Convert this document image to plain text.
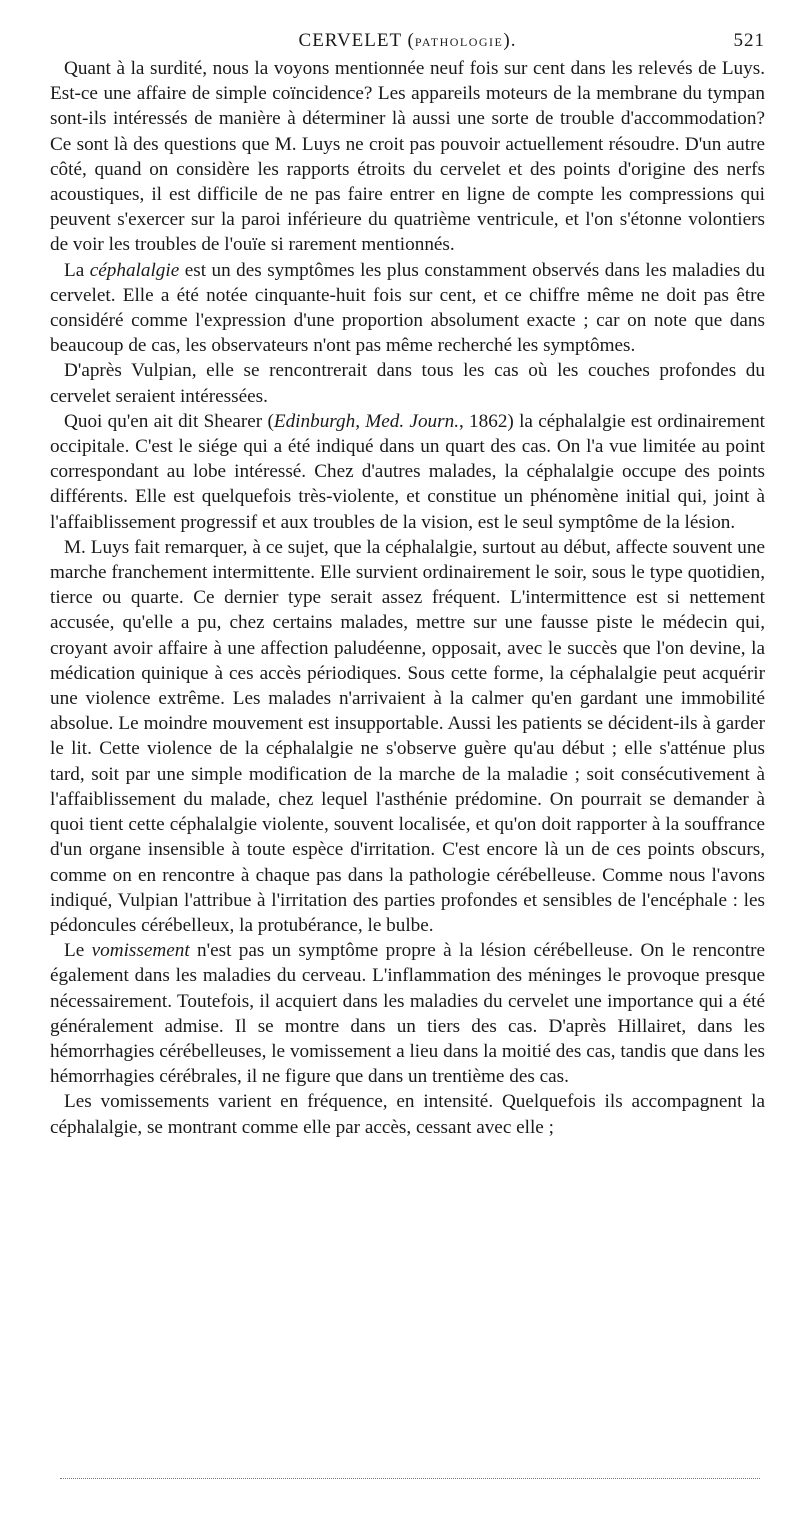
CERVELET (PATHOLOGIE).	521

Quant à la surdité, nous la voyons mentionnée neuf fois sur cent dans les relevés de Luys. Est-ce une affaire de simple coïncidence? Les appareils moteurs de la membrane du tympan sont-ils intéressés de manière à déterminer là aussi une sorte de trouble d'accommodation? Ce sont là des questions que M. Luys ne croit pas pouvoir actuellement résoudre. D'un autre côté, quand on considère les rapports étroits du cervelet et des points d'origine des nerfs acoustiques, il est difficile de ne pas faire entrer en ligne de compte les compressions qui peuvent s'exercer sur la paroi inférieure du quatrième ventricule, et l'on s'étonne volontiers de voir les troubles de l'ouïe si rarement mentionnés.

La céphalalgie est un des symptômes les plus constamment observés dans les maladies du cervelet. Elle a été notée cinquante-huit fois sur cent, et ce chiffre même ne doit pas être considéré comme l'expression d'une proportion absolument exacte ; car on note que dans beaucoup de cas, les observateurs n'ont pas même recherché les symptômes.

D'après Vulpian, elle se rencontrerait dans tous les cas où les couches profondes du cervelet seraient intéressées.

Quoi qu'en ait dit Shearer (Edinburgh, Med. Journ., 1862) la céphalalgie est ordinairement occipitale. C'est le siége qui a été indiqué dans un quart des cas. On l'a vue limitée au point correspondant au lobe intéressé. Chez d'autres malades, la céphalalgie occupe des points différents. Elle est quelquefois très-violente, et constitue un phénomène initial qui, joint à l'affaiblissement progressif et aux troubles de la vision, est le seul symptôme de la lésion.

M. Luys fait remarquer, à ce sujet, que la céphalalgie, surtout au début, affecte souvent une marche franchement intermittente. Elle survient ordinairement le soir, sous le type quotidien, tierce ou quarte. Ce dernier type serait assez fréquent. L'intermittence est si nettement accusée, qu'elle a pu, chez certains malades, mettre sur une fausse piste le médecin qui, croyant avoir affaire à une affection paludéenne, opposait, avec le succès que l'on devine, la médication quinique à ces accès périodiques. Sous cette forme, la céphalalgie peut acquérir une violence extrême. Les malades n'arrivaient à la calmer qu'en gardant une immobilité absolue. Le moindre mouvement est insupportable. Aussi les patients se décident-ils à garder le lit. Cette violence de la céphalalgie ne s'observe guère qu'au début ; elle s'atténue plus tard, soit par une simple modification de la marche de la maladie ; soit consécutivement à l'affaiblissement du malade, chez lequel l'asthénie prédomine. On pourrait se demander à quoi tient cette céphalalgie violente, souvent localisée, et qu'on doit rapporter à la souffrance d'un organe insensible à toute espèce d'irritation. C'est encore là un de ces points obscurs, comme on en rencontre à chaque pas dans la pathologie cérébelleuse. Comme nous l'avons indiqué, Vulpian l'attribue à l'irritation des parties profondes et sensibles de l'encéphale : les pédoncules cérébelleux, la protubérance, le bulbe.

Le vomissement n'est pas un symptôme propre à la lésion cérébelleuse. On le rencontre également dans les maladies du cerveau. L'inflammation des méninges le provoque presque nécessairement. Toutefois, il acquiert dans les maladies du cervelet une importance qui a été généralement admise. Il se montre dans un tiers des cas. D'après Hillairet, dans les hémorrhagies cérébelleuses, le vomissement a lieu dans la moitié des cas, tandis que dans les hémorrhagies cérébrales, il ne figure que dans un trentième des cas.

Les vomissements varient en fréquence, en intensité. Quelquefois ils accompagnent la céphalalgie, se montrant comme elle par accès, cessant avec elle ;
